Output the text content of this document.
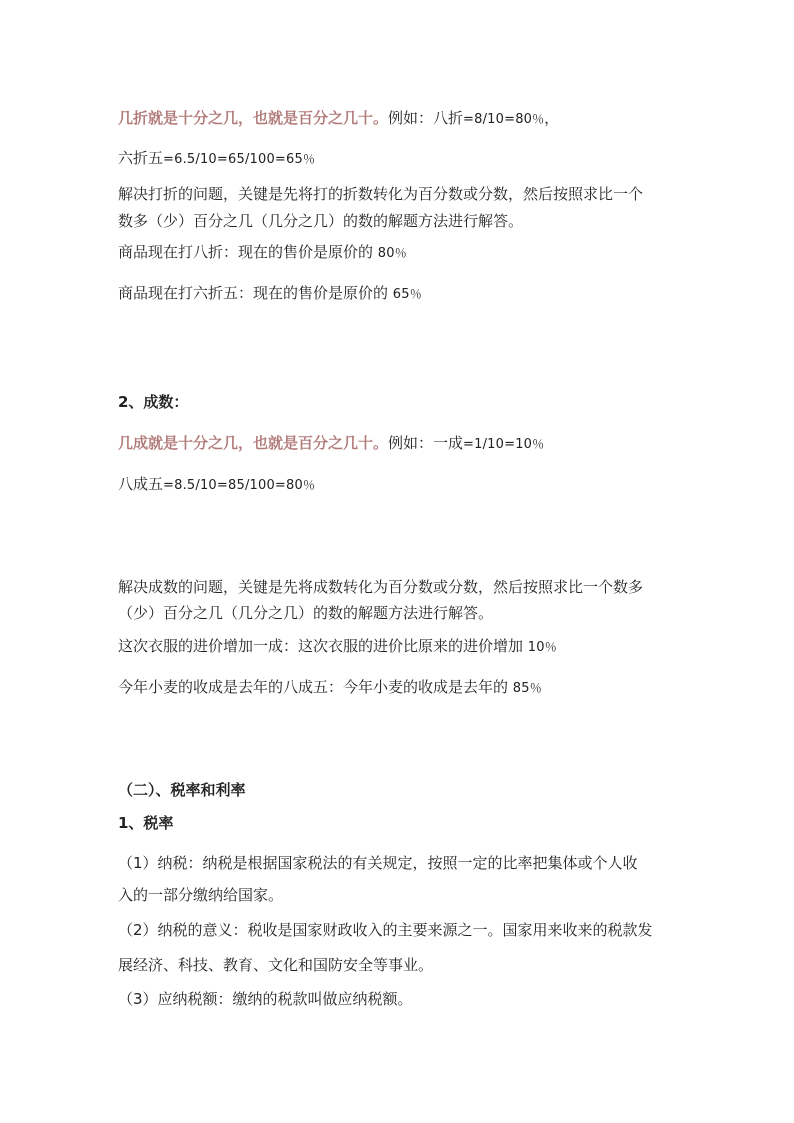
几折就是十分之几，也就是百分之几十。例如：八折=8/10=80％，
六折五=6.5/10=65/100=65％
解决打折的问题，关键是先将打的折数转化为百分数或分数，然后按照求比一个
数多（少）百分之几（几分之几）的数的解题方法进行解答。
商品现在打八折：现在的售价是原价的 80％
商品现在打六折五：现在的售价是原价的 65％
2、成数：
几成就是十分之几，也就是百分之几十。例如：一成=1/10=10％
八成五=8.5/10=85/100=80％
解决成数的问题，关键是先将成数转化为百分数或分数，然后按照求比一个数多
（少）百分之几（几分之几）的数的解题方法进行解答。
这次衣服的进价增加一成：这次衣服的进价比原来的进价增加 10％
今年小麦的收成是去年的八成五：今年小麦的收成是去年的 85％
（二）、税率和利率
1、税率
（1）纳税：纳税是根据国家税法的有关规定，按照一定的比率把集体或个人收
入的一部分缴纳给国家。
（2）纳税的意义：税收是国家财政收入的主要来源之一。国家用来收来的税款发
展经济、科技、教育、文化和国防安全等事业。
（3）应纳税额：缴纳的税款叫做应纳税额。
